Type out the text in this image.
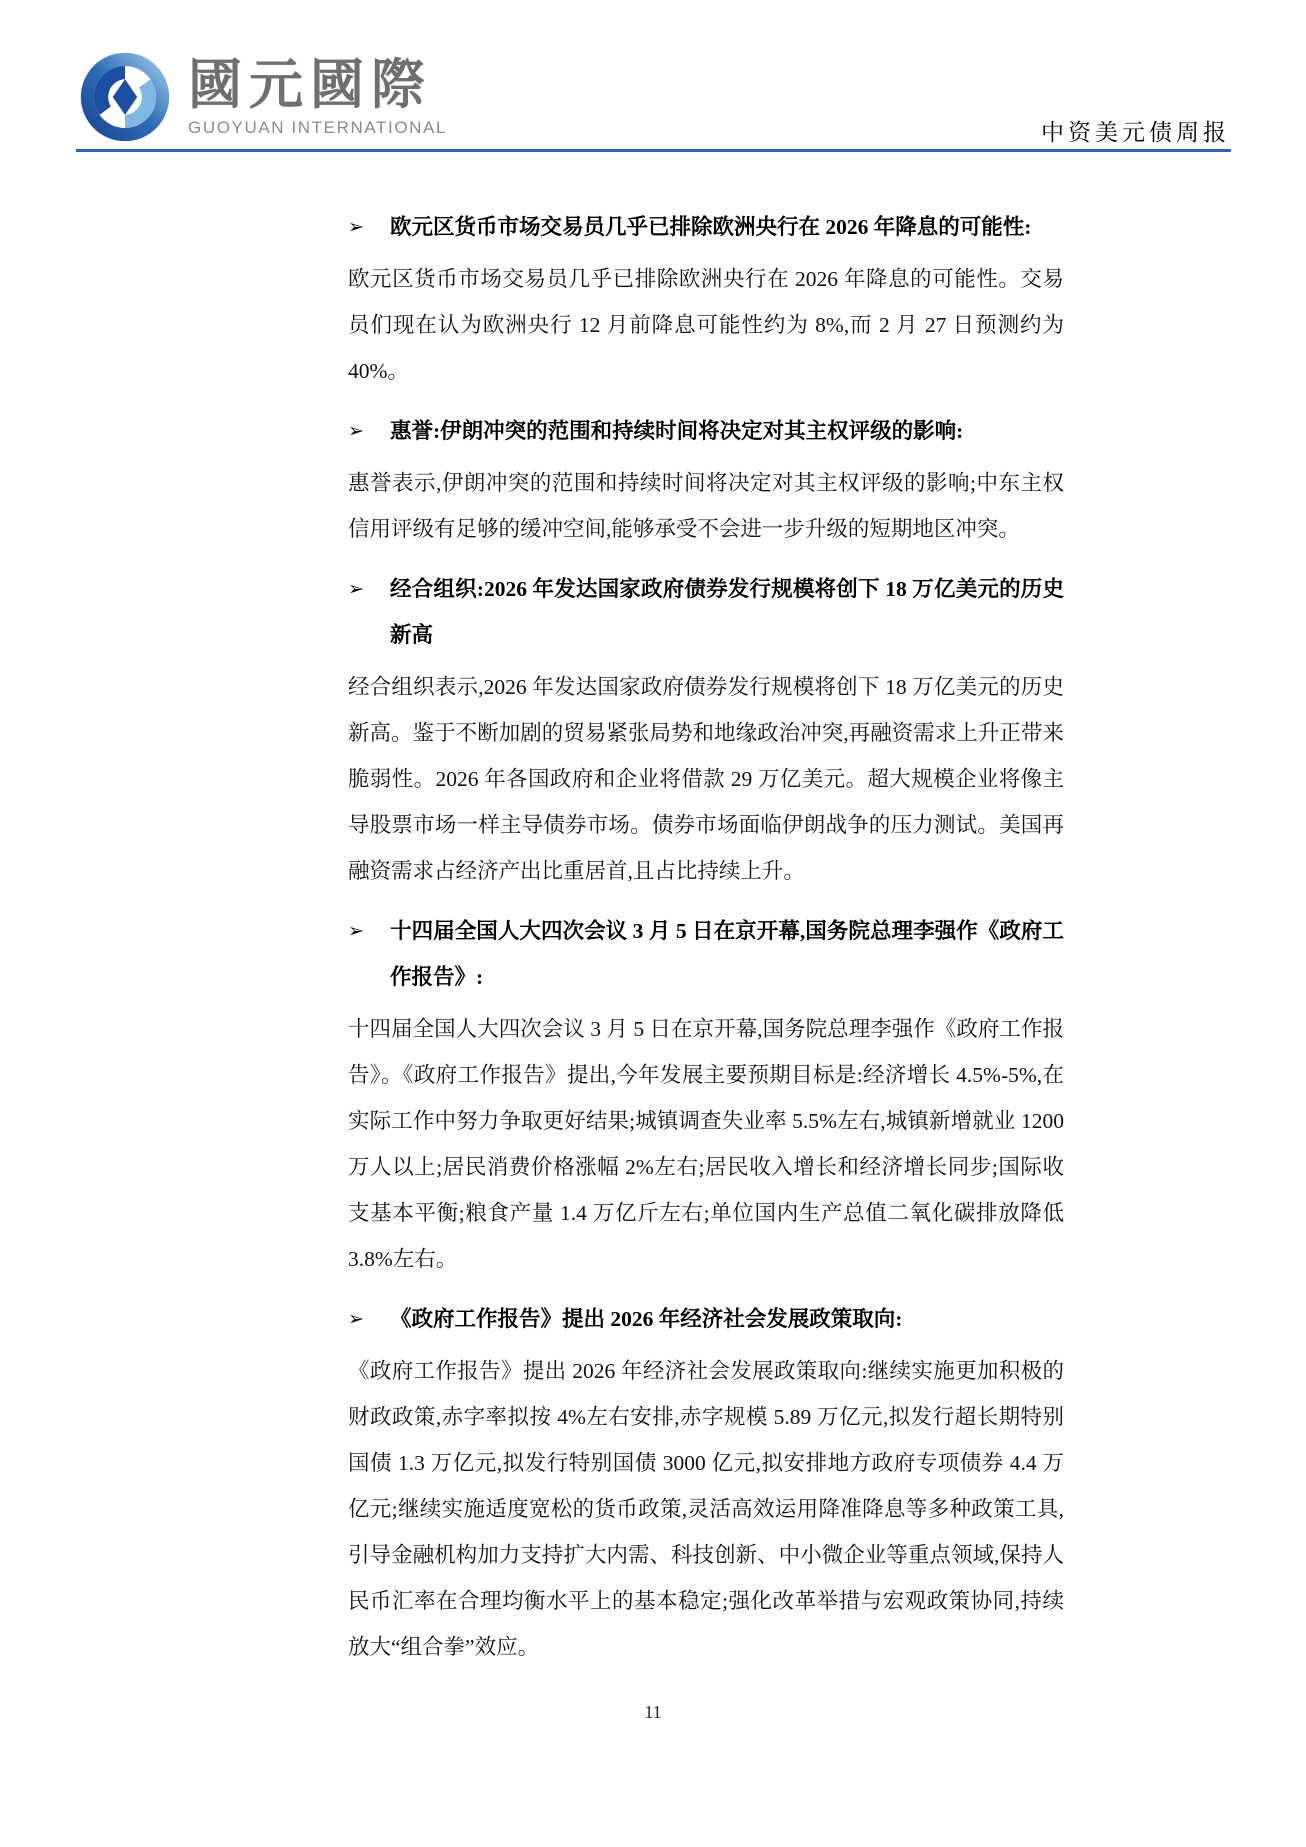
國元國際
GUOYUAN INTERNATIONAL	中资美元债周报
➢	欧元区货币市场交易员几乎已排除欧洲央行在 2026 年降息的可能性:

欧元区货币市场交易员几乎已排除欧洲央行在 2026 年降息的可能性。交易员们现在认为欧洲央行 12 月前降息可能性约为 8%,而 2 月 27 日预测约为 40%。

➢	惠誉:伊朗冲突的范围和持续时间将决定对其主权评级的影响:

惠誉表示,伊朗冲突的范围和持续时间将决定对其主权评级的影响;中东主权信用评级有足够的缓冲空间,能够承受不会进一步升级的短期地区冲突。

➢	经合组织:2026 年发达国家政府债券发行规模将创下 18 万亿美元的历史新高

经合组织表示,2026 年发达国家政府债券发行规模将创下 18 万亿美元的历史新高。鉴于不断加剧的贸易紧张局势和地缘政治冲突,再融资需求上升正带来脆弱性。2026 年各国政府和企业将借款 29 万亿美元。超大规模企业将像主导股票市场一样主导债券市场。债券市场面临伊朗战争的压力测试。美国再融资需求占经济产出比重居首,且占比持续上升。

➢	十四届全国人大四次会议 3 月 5 日在京开幕,国务院总理李强作《政府工作报告》:

十四届全国人大四次会议 3 月 5 日在京开幕,国务院总理李强作《政府工作报告》。《政府工作报告》提出,今年发展主要预期目标是:经济增长 4.5%-5%,在实际工作中努力争取更好结果;城镇调查失业率 5.5%左右,城镇新增就业 1200 万人以上;居民消费价格涨幅 2%左右;居民收入增长和经济增长同步;国际收支基本平衡;粮食产量 1.4 万亿斤左右;单位国内生产总值二氧化碳排放降低 3.8%左右。

➢	《政府工作报告》提出 2026 年经济社会发展政策取向:

《政府工作报告》提出 2026 年经济社会发展政策取向:继续实施更加积极的财政政策,赤字率拟按 4%左右安排,赤字规模 5.89 万亿元,拟发行超长期特别国债 1.3 万亿元,拟发行特别国债 3000 亿元,拟安排地方政府专项债券 4.4 万亿元;继续实施适度宽松的货币政策,灵活高效运用降准降息等多种政策工具,引导金融机构加力支持扩大内需、科技创新、中小微企业等重点领域,保持人民币汇率在合理均衡水平上的基本稳定;强化改革举措与宏观政策协同,持续放大“组合拳”效应。

11
